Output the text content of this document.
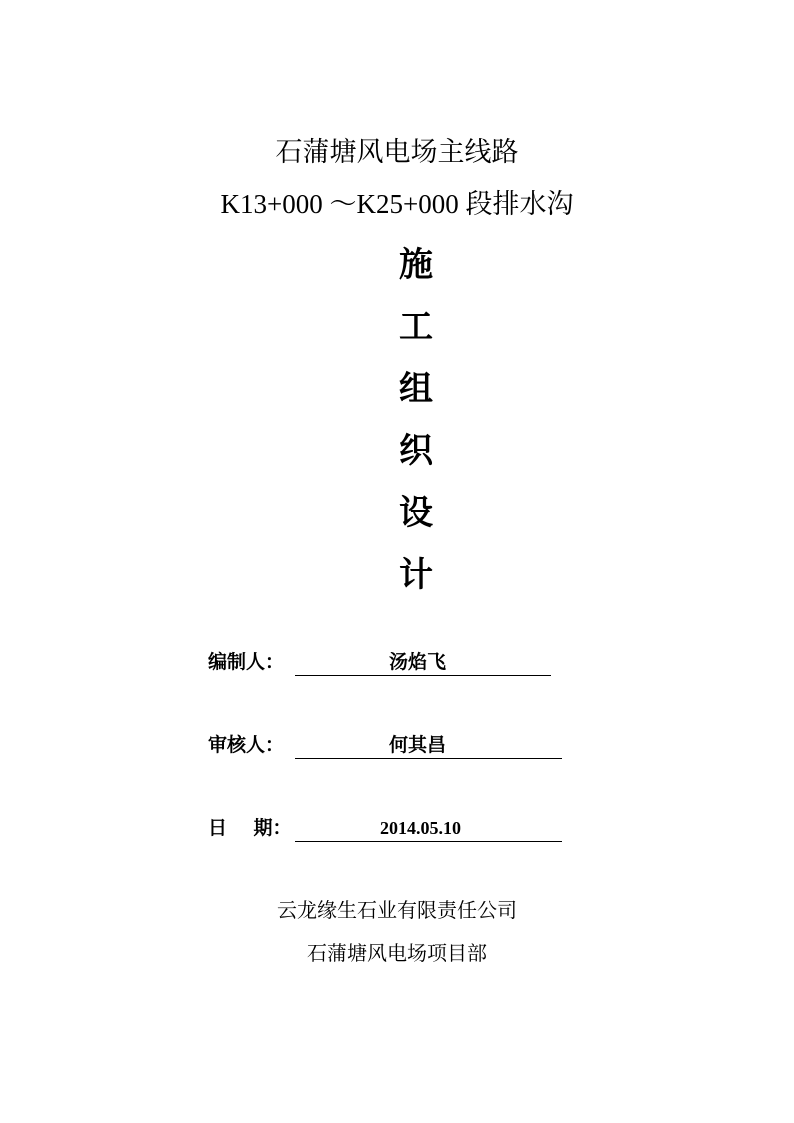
石蒲塘风电场主线路
K13+000 ～K25+000 段排水沟
施
工
组
织
设
计
编制人：	汤焰飞
审核人：	何其昌
日    期：	2014.05.10
云龙缘生石业有限责任公司
石蒲塘风电场项目部
